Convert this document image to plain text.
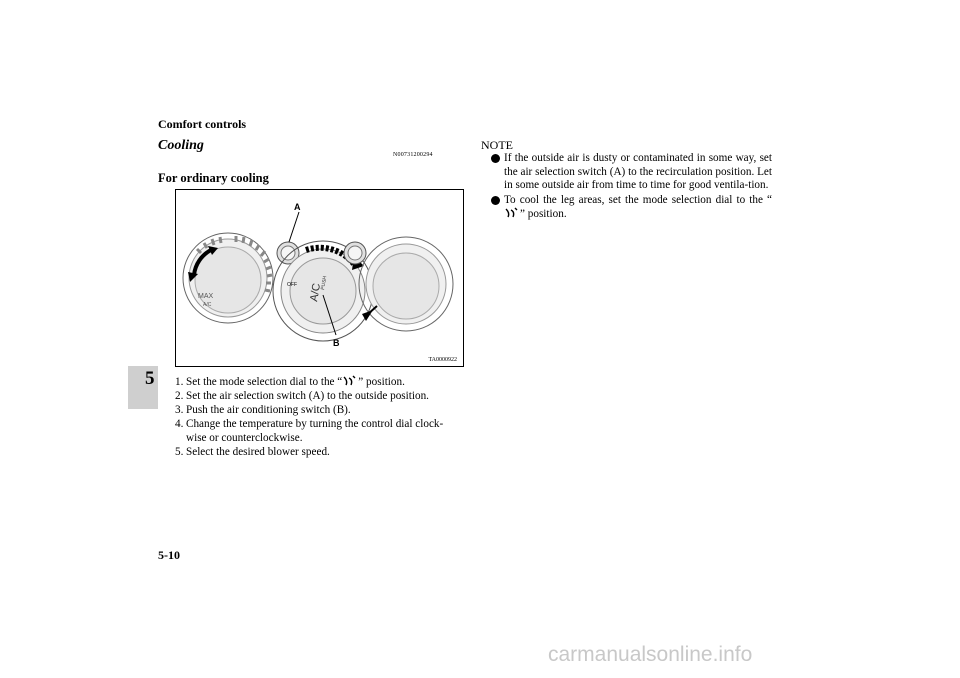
Comfort controls
5
Cooling
N00731200294
For ordinary cooling
MAX
A/C
OFF	PUSH
A/C
A
B
TA0000922
1. Set the mode selection dial to the “ ” position.
2. Set the air selection switch (A) to the outside position.
3. Push the air conditioning switch (B).
4. Change the temperature by turning the control dial clock-
wise or counterclockwise.
5. Select the desired blower speed.
NOTE
If the outside air is dusty or contaminated in some way, set the air selection switch (A) to the recirculation position. Let in some outside air from time to time for good ventila-tion.
To cool the leg areas, set the mode selection dial to the “” position.
5-10
carmanualsonline.info
